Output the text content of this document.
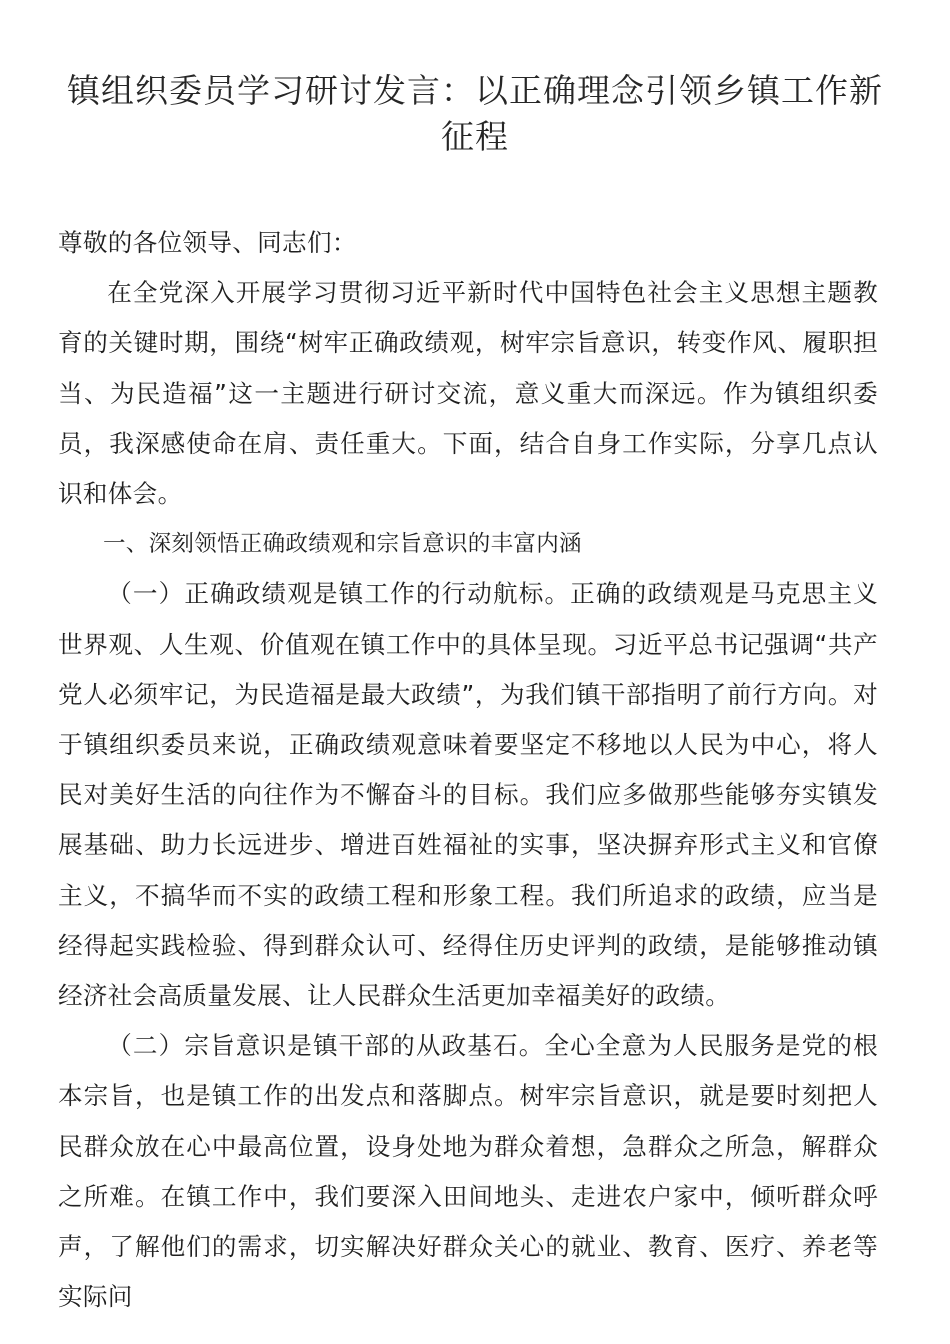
镇组织委员学习研讨发言：以正确理念引领乡镇工作新征程

尊敬的各位领导、同志们：

在全党深入开展学习贯彻习近平新时代中国特色社会主义思想主题教育的关键时期，围绕“树牢正确政绩观，树牢宗旨意识，转变作风、履职担当、为民造福”这一主题进行研讨交流，意义重大而深远。作为镇组织委员，我深感使命在肩、责任重大。下面，结合自身工作实际，分享几点认识和体会。

一、深刻领悟正确政绩观和宗旨意识的丰富内涵

（一）正确政绩观是镇工作的行动航标。正确的政绩观是马克思主义世界观、人生观、价值观在镇工作中的具体呈现。习近平总书记强调“共产党人必须牢记，为民造福是最大政绩”，为我们镇干部指明了前行方向。对于镇组织委员来说，正确政绩观意味着要坚定不移地以人民为中心，将人民对美好生活的向往作为不懈奋斗的目标。我们应多做那些能够夯实镇发展基础、助力长远进步、增进百姓福祉的实事，坚决摒弃形式主义和官僚主义，不搞华而不实的政绩工程和形象工程。我们所追求的政绩，应当是经得起实践检验、得到群众认可、经得住历史评判的政绩，是能够推动镇经济社会高质量发展、让人民群众生活更加幸福美好的政绩。

（二）宗旨意识是镇干部的从政基石。全心全意为人民服务是党的根本宗旨，也是镇工作的出发点和落脚点。树牢宗旨意识，就是要时刻把人民群众放在心中最高位置，设身处地为群众着想，急群众之所急，解群众之所难。在镇工作中，我们要深入田间地头、走进农户家中，倾听群众呼声，了解他们的需求，切实解决好群众关心的就业、教育、医疗、养老等实际问
